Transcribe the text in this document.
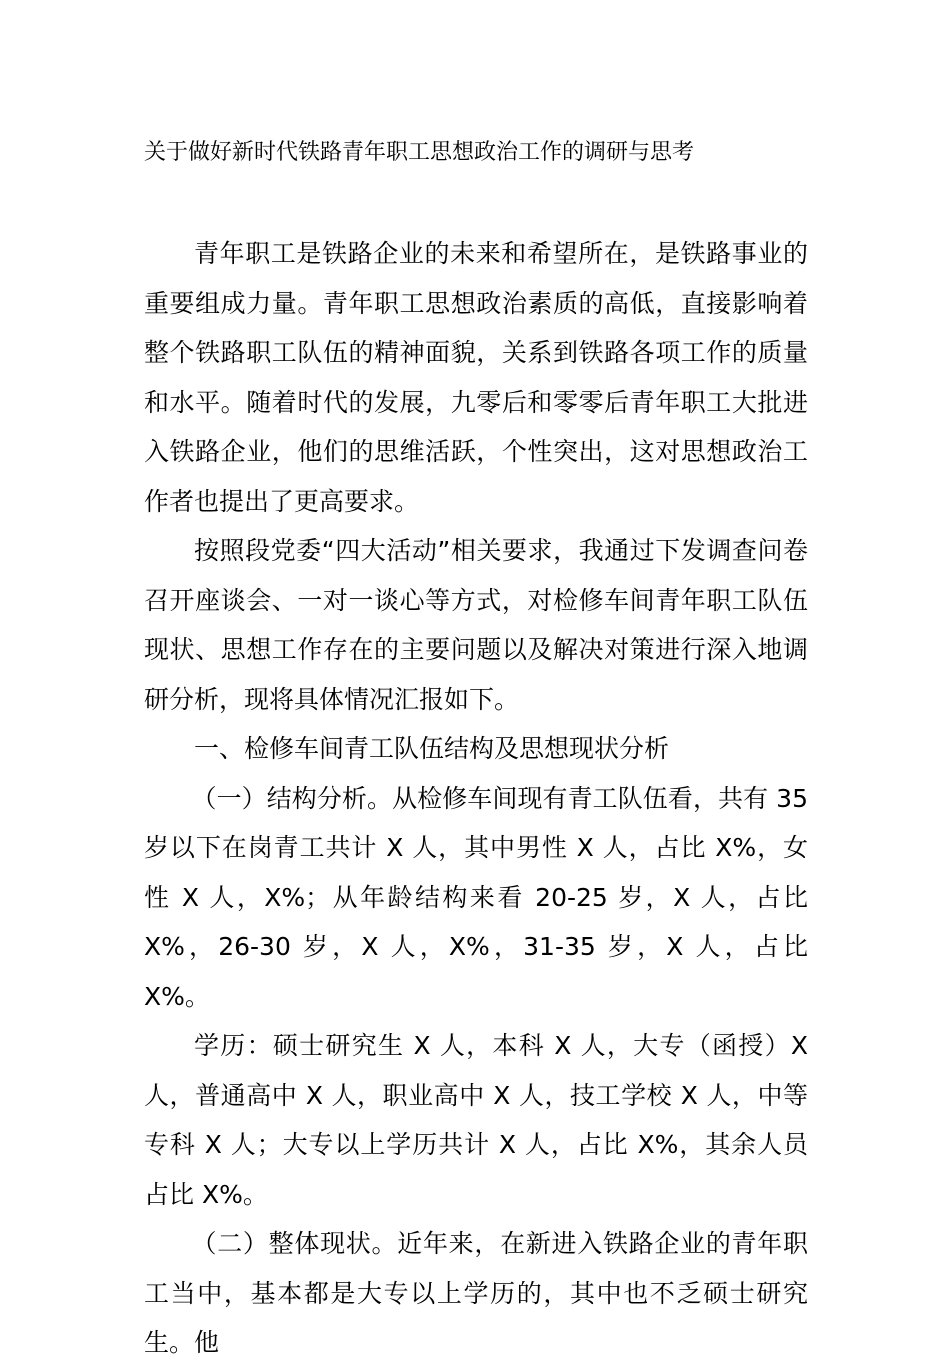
关于做好新时代铁路青年职工思想政治工作的调研与思考

青年职工是铁路企业的未来和希望所在，是铁路事业的重要组成力量。青年职工思想政治素质的高低，直接影响着整个铁路职工队伍的精神面貌，关系到铁路各项工作的质量和水平。随着时代的发展，九零后和零零后青年职工大批进入铁路企业，他们的思维活跃，个性突出，这对思想政治工作者也提出了更高要求。

按照段党委“四大活动”相关要求，我通过下发调查问卷召开座谈会、一对一谈心等方式，对检修车间青年职工队伍现状、思想工作存在的主要问题以及解决对策进行深入地调研分析，现将具体情况汇报如下。

一、检修车间青工队伍结构及思想现状分析

（一）结构分析。从检修车间现有青工队伍看，共有 35 岁以下在岗青工共计 X 人，其中男性 X 人，占比 X%，女性 X 人，X%；从年龄结构来看 20-25 岁，X 人，占比 X%，26-30 岁，X 人，X%，31-35 岁，X 人，占比 X%。

学历：硕士研究生 X 人，本科 X 人，大专（函授）X 人，普通高中 X 人，职业高中 X 人，技工学校 X 人，中等专科 X 人；大专以上学历共计 X 人，占比 X%，其余人员占比 X%。

（二）整体现状。近年来，在新进入铁路企业的青年职工当中，基本都是大专以上学历的，其中也不乏硕士研究生。他
